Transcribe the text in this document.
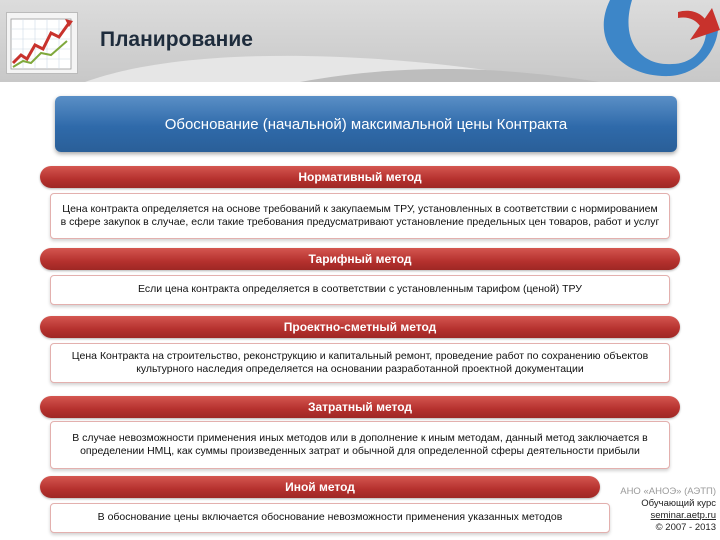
Планирование
Обоснование (начальной) максимальной цены Контракта
Нормативный метод
Цена контракта определяется на основе требований к закупаемым ТРУ, установленных в соответствии с нормированием в сфере закупок в случае, если такие требования предусматривают установление предельных цен товаров, работ и услуг
Тарифный метод
Если цена контракта определяется в соответствии с установленным тарифом (ценой) ТРУ
Проектно-сметный метод
Цена Контракта на строительство, реконструкцию и капитальный ремонт, проведение работ по сохранению объектов культурного наследия определяется на основании разработанной проектной документации
Затратный метод
В случае невозможности применения иных методов или в дополнение к иным методам, данный метод заключается в определении НМЦ, как суммы произведенных затрат и обычной для определенной сферы деятельности прибыли
Иной метод
В обоснование цены включается обоснование невозможности применения указанных методов
АНО «АНОЭ» (АЭТП)
Обучающий курс
seminar.aetp.ru
© 2007 - 2013
